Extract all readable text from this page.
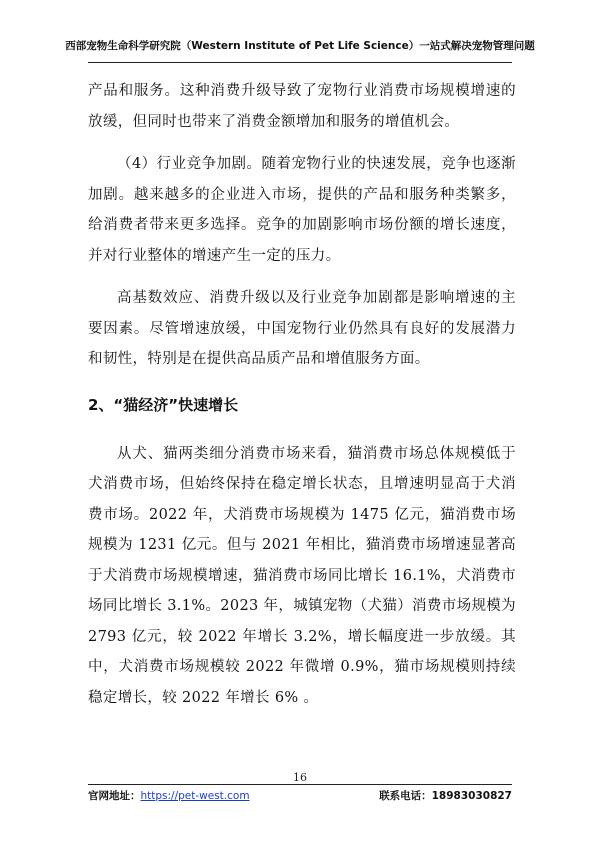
西部宠物生命科学研究院（Western Institute of Pet Life Science）一站式解决宠物管理问题

产品和服务。这种消费升级导致了宠物行业消费市场规模增速的放缓，但同时也带来了消费金额增加和服务的增值机会。

（4）行业竞争加剧。随着宠物行业的快速发展，竞争也逐渐加剧。越来越多的企业进入市场，提供的产品和服务种类繁多，给消费者带来更多选择。竞争的加剧影响市场份额的增长速度，并对行业整体的增速产生一定的压力。

高基数效应、消费升级以及行业竞争加剧都是影响增速的主要因素。尽管增速放缓，中国宠物行业仍然具有良好的发展潜力和韧性，特别是在提供高品质产品和增值服务方面。

2、“猫经济”快速增长

从犬、猫两类细分消费市场来看，猫消费市场总体规模低于犬消费市场，但始终保持在稳定增长状态，且增速明显高于犬消费市场。2022 年，犬消费市场规模为 1475 亿元，猫消费市场规模为 1231 亿元。但与 2021 年相比，猫消费市场增速显著高于犬消费市场规模增速，猫消费市场同比增长 16.1%，犬消费市场同比增长 3.1%。2023 年，城镇宠物（犬猫）消费市场规模为 2793 亿元，较 2022 年增长 3.2%，增长幅度进一步放缓。其中，犬消费市场规模较 2022 年微增 0.9%，猫市场规模则持续稳定增长，较 2022 年增长 6% 。

16
官网地址：https://pet-west.com	联系电话：18983030827
